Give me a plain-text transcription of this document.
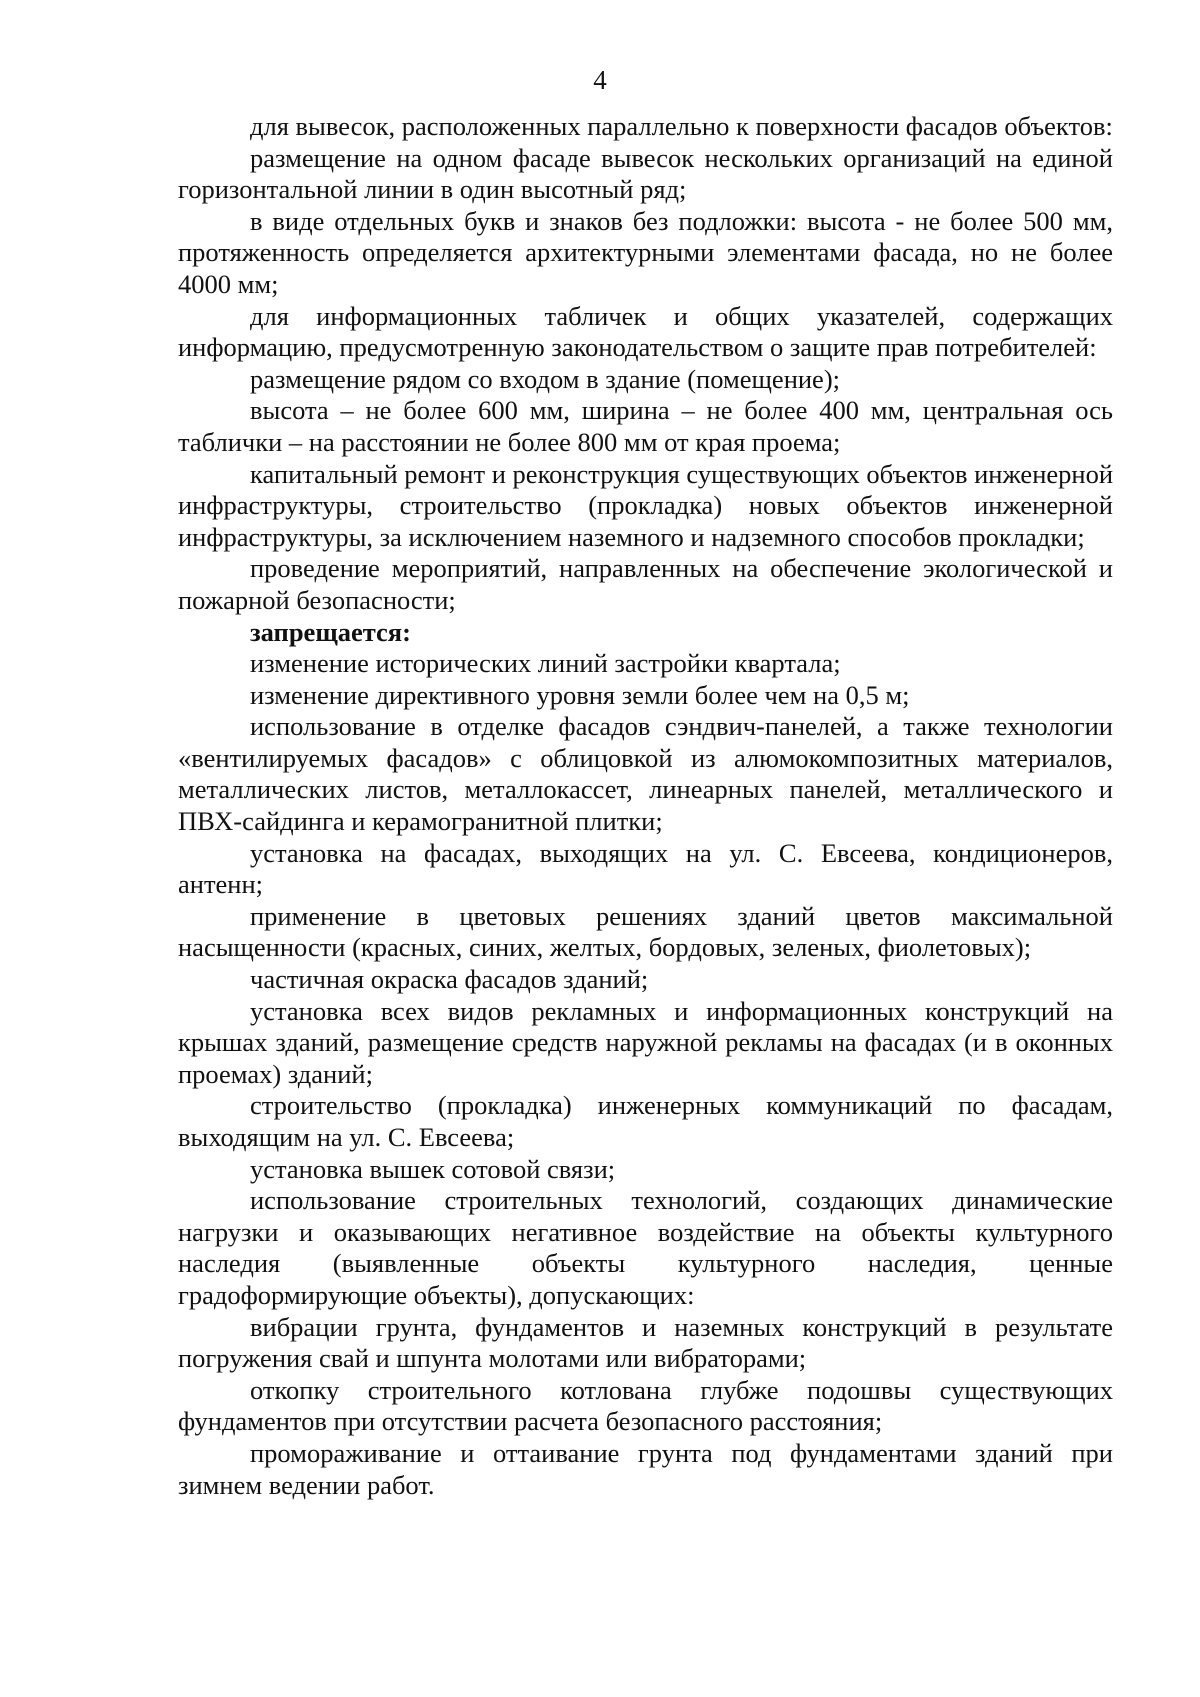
4

для вывесок, расположенных параллельно к поверхности фасадов объектов:

размещение на одном фасаде вывесок нескольких организаций на единой горизонтальной линии в один высотный ряд;

в виде отдельных букв и знаков без подложки: высота - не более 500 мм, протяженность определяется архитектурными элементами фасада, но не более 4000 мм;

для информационных табличек и общих указателей, содержащих информацию, предусмотренную законодательством о защите прав потребителей:

размещение рядом со входом в здание (помещение);

высота – не более 600 мм, ширина – не более 400 мм, центральная ось таблички – на расстоянии не более 800 мм от края проема;

капитальный ремонт и реконструкция существующих объектов инженерной инфраструктуры, строительство (прокладка) новых объектов инженерной инфраструктуры, за исключением наземного и надземного способов прокладки;

проведение мероприятий, направленных на обеспечение экологической и пожарной безопасности;

запрещается:

изменение исторических линий застройки квартала;

изменение директивного уровня земли более чем на 0,5 м;

использование в отделке фасадов сэндвич-панелей, а также технологии «вентилируемых фасадов» с облицовкой из алюмокомпозитных материалов, металлических листов, металлокассет, линеарных панелей, металлического и ПВХ-сайдинга и керамогранитной плитки;

установка на фасадах, выходящих на ул. С. Евсеева, кондиционеров, антенн;

применение в цветовых решениях зданий цветов максимальной насыщенности (красных, синих, желтых, бордовых, зеленых, фиолетовых);

частичная окраска фасадов зданий;

установка всех видов рекламных и информационных конструкций на крышах зданий, размещение средств наружной рекламы на фасадах (и в оконных проемах) зданий;

строительство (прокладка) инженерных коммуникаций по фасадам, выходящим на ул. С. Евсеева;

установка вышек сотовой связи;

использование строительных технологий, создающих динамические нагрузки и оказывающих негативное воздействие на объекты культурного наследия (выявленные объекты культурного наследия, ценные градоформирующие объекты), допускающих:

вибрации грунта, фундаментов и наземных конструкций в результате погружения свай и шпунта молотами или вибраторами;

откопку строительного котлована глубже подошвы существующих фундаментов при отсутствии расчета безопасного расстояния;

промораживание и оттаивание грунта под фундаментами зданий при зимнем ведении работ.
